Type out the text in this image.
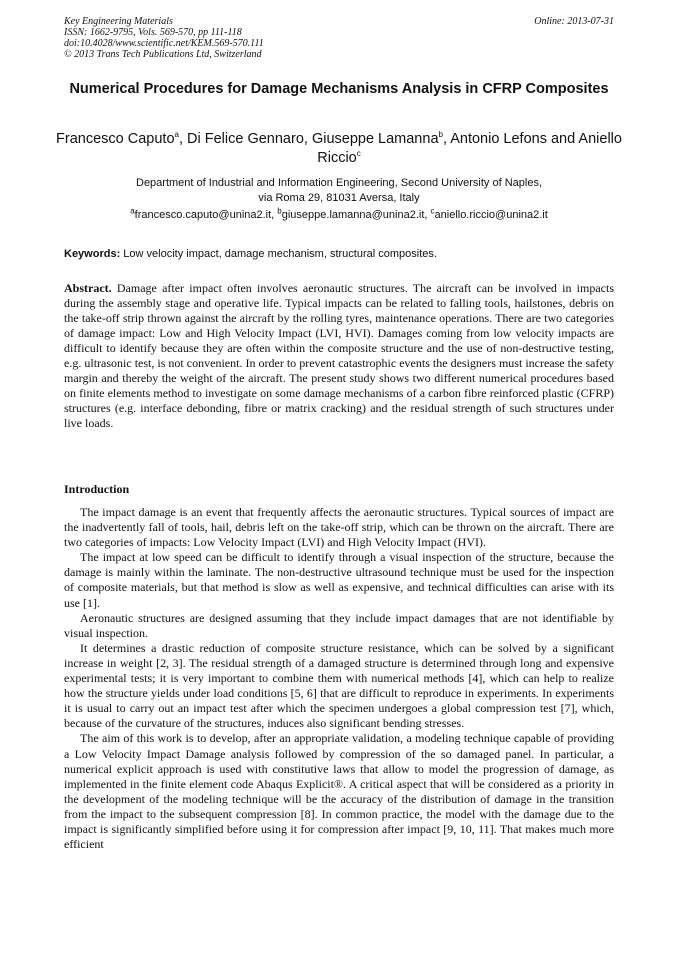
Key Engineering Materials
ISSN: 1662-9795, Vols. 569-570, pp 111-118
doi:10.4028/www.scientific.net/KEM.569-570.111
© 2013 Trans Tech Publications Ltd, Switzerland
Online: 2013-07-31
Numerical Procedures for Damage Mechanisms Analysis in CFRP Composites
Francesco Caputo$^a$, Di Felice Gennaro, Giuseppe Lamanna$^b$, Antonio Lefons and Aniello Riccio$^c$
Department of Industrial and Information Engineering, Second University of Naples,
via Roma 29, 81031 Aversa, Italy
$^a$francesco.caputo@unina2.it, $^b$giuseppe.lamanna@unina2.it, $^c$aniello.riccio@unina2.it
Keywords: Low velocity impact, damage mechanism, structural composites.
Abstract. Damage after impact often involves aeronautic structures. The aircraft can be involved in impacts during the assembly stage and operative life. Typical impacts can be related to falling tools, hailstones, debris on the take-off strip thrown against the aircraft by the rolling tyres, maintenance operations. There are two categories of damage impact: Low and High Velocity Impact (LVI, HVI). Damages coming from low velocity impacts are difficult to identify because they are often within the composite structure and the use of non-destructive testing, e.g. ultrasonic test, is not convenient. In order to prevent catastrophic events the designers must increase the safety margin and thereby the weight of the aircraft. The present study shows two different numerical procedures based on finite elements method to investigate on some damage mechanisms of a carbon fibre reinforced plastic (CFRP) structures (e.g. interface debonding, fibre or matrix cracking) and the residual strength of such structures under live loads.
Introduction

The impact damage is an event that frequently affects the aeronautic structures. Typical sources of impact are the inadvertently fall of tools, hail, debris left on the take-off strip, which can be thrown on the aircraft. There are two categories of impacts: Low Velocity Impact (LVI) and High Velocity Impact (HVI).

The impact at low speed can be difficult to identify through a visual inspection of the structure, because the damage is mainly within the laminate. The non-destructive ultrasound technique must be used for the inspection of composite materials, but that method is slow as well as expensive, and technical difficulties can arise with its use [1].

Aeronautic structures are designed assuming that they include impact damages that are not identifiable by visual inspection.

It determines a drastic reduction of composite structure resistance, which can be solved by a significant increase in weight [2, 3]. The residual strength of a damaged structure is determined through long and expensive experimental tests; it is very important to combine them with numerical methods [4], which can help to realize how the structure yields under load conditions [5, 6] that are difficult to reproduce in experiments. In experiments it is usual to carry out an impact test after which the specimen undergoes a global compression test [7], which, because of the curvature of the structures, induces also significant bending stresses.

The aim of this work is to develop, after an appropriate validation, a modeling technique capable of providing a Low Velocity Impact Damage analysis followed by compression of the so damaged panel. In particular, a numerical explicit approach is used with constitutive laws that allow to model the progression of damage, as implemented in the finite element code Abaqus Explicit®. A critical aspect that will be considered as a priority in the development of the modeling technique will be the accuracy of the distribution of damage in the transition from the impact to the subsequent compression [8]. In common practice, the model with the damage due to the impact is significantly simplified before using it for compression after impact [9, 10, 11]. That makes much more efficient
